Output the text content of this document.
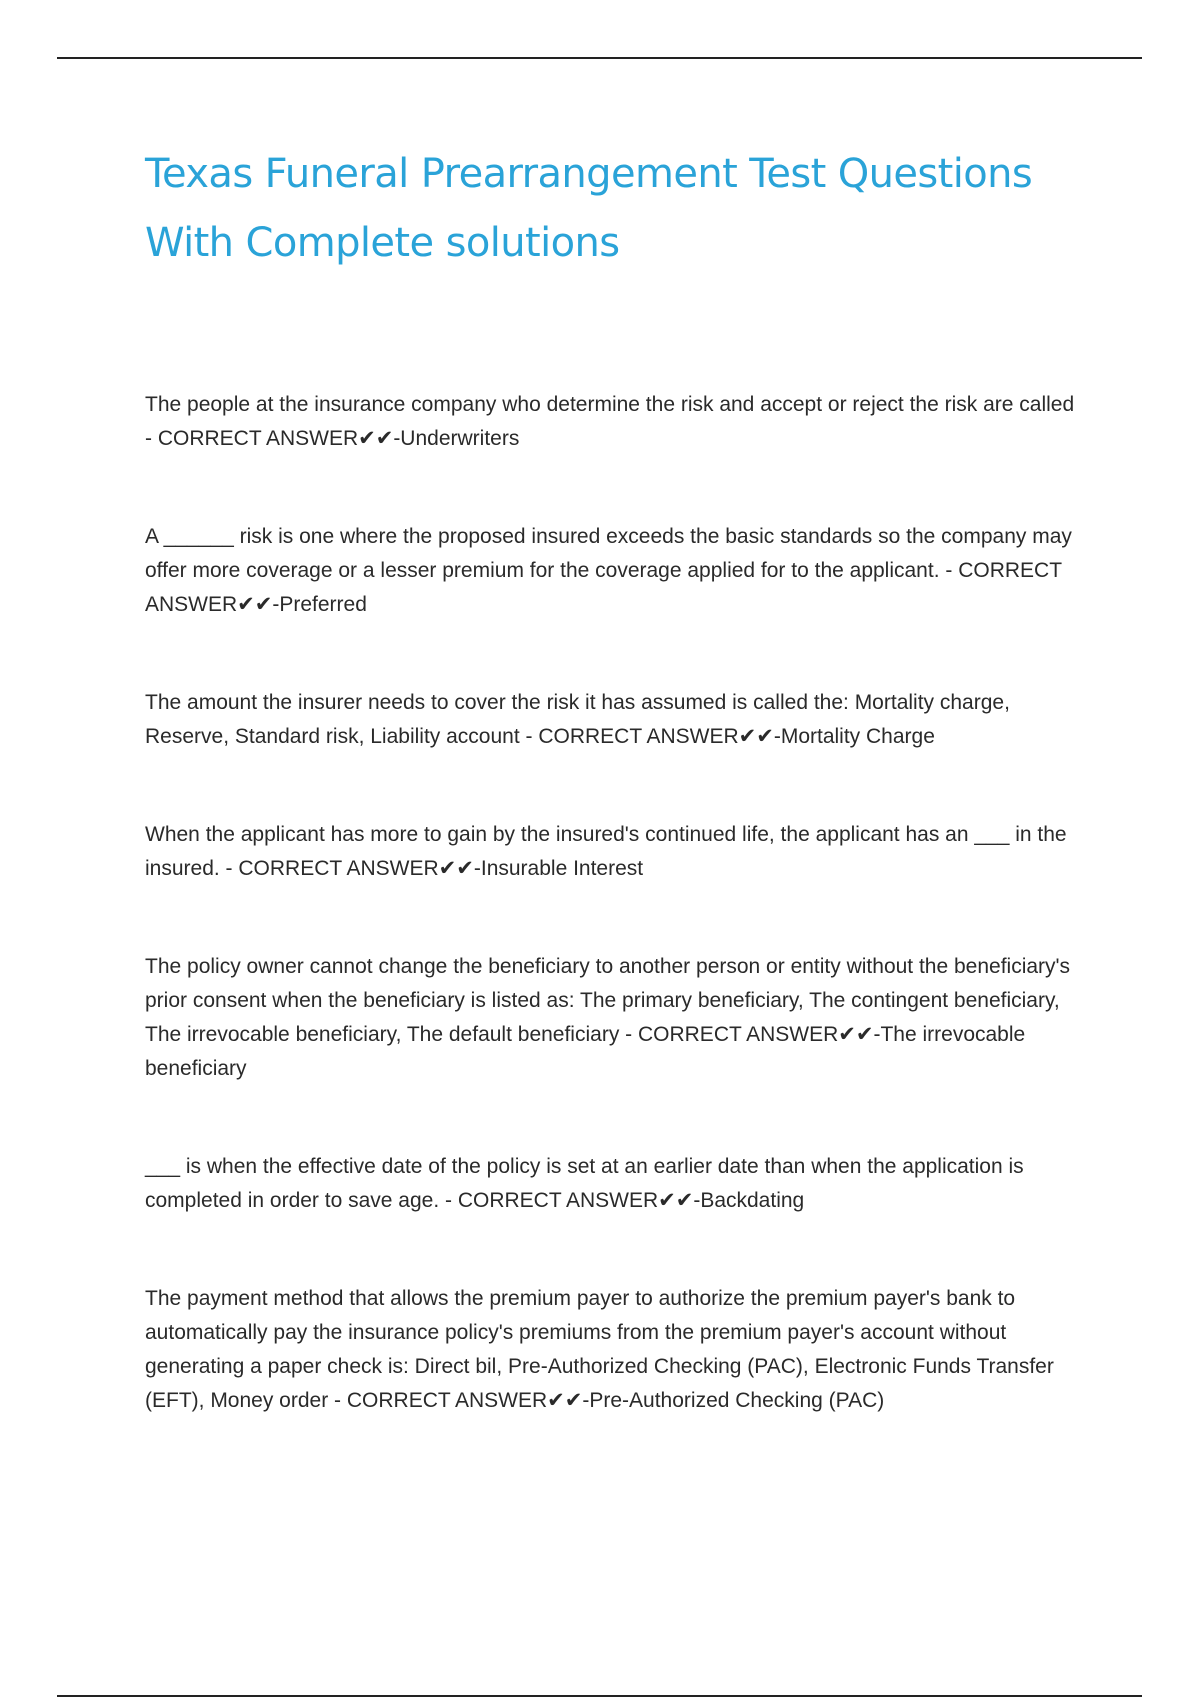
Texas Funeral Prearrangement Test Questions With Complete solutions

The people at the insurance company who determine the risk and accept or reject the risk are called - CORRECT ANSWER✔✔-Underwriters

A ______ risk is one where the proposed insured exceeds the basic standards so the company may offer more coverage or a lesser premium for the coverage applied for to the applicant. - CORRECT ANSWER✔✔-Preferred

The amount the insurer needs to cover the risk it has assumed is called the: Mortality charge, Reserve, Standard risk, Liability account - CORRECT ANSWER✔✔-Mortality Charge

When the applicant has more to gain by the insured's continued life, the applicant has an ___ in the insured. - CORRECT ANSWER✔✔-Insurable Interest

The policy owner cannot change the beneficiary to another person or entity without the beneficiary's prior consent when the beneficiary is listed as: The primary beneficiary, The contingent beneficiary, The irrevocable beneficiary, The default beneficiary - CORRECT ANSWER✔✔-The irrevocable beneficiary

___ is when the effective date of the policy is set at an earlier date than when the application is completed in order to save age. - CORRECT ANSWER✔✔-Backdating

The payment method that allows the premium payer to authorize the premium payer's bank to automatically pay the insurance policy's premiums from the premium payer's account without generating a paper check is: Direct bil, Pre-Authorized Checking (PAC), Electronic Funds Transfer (EFT), Money order - CORRECT ANSWER✔✔-Pre-Authorized Checking (PAC)
